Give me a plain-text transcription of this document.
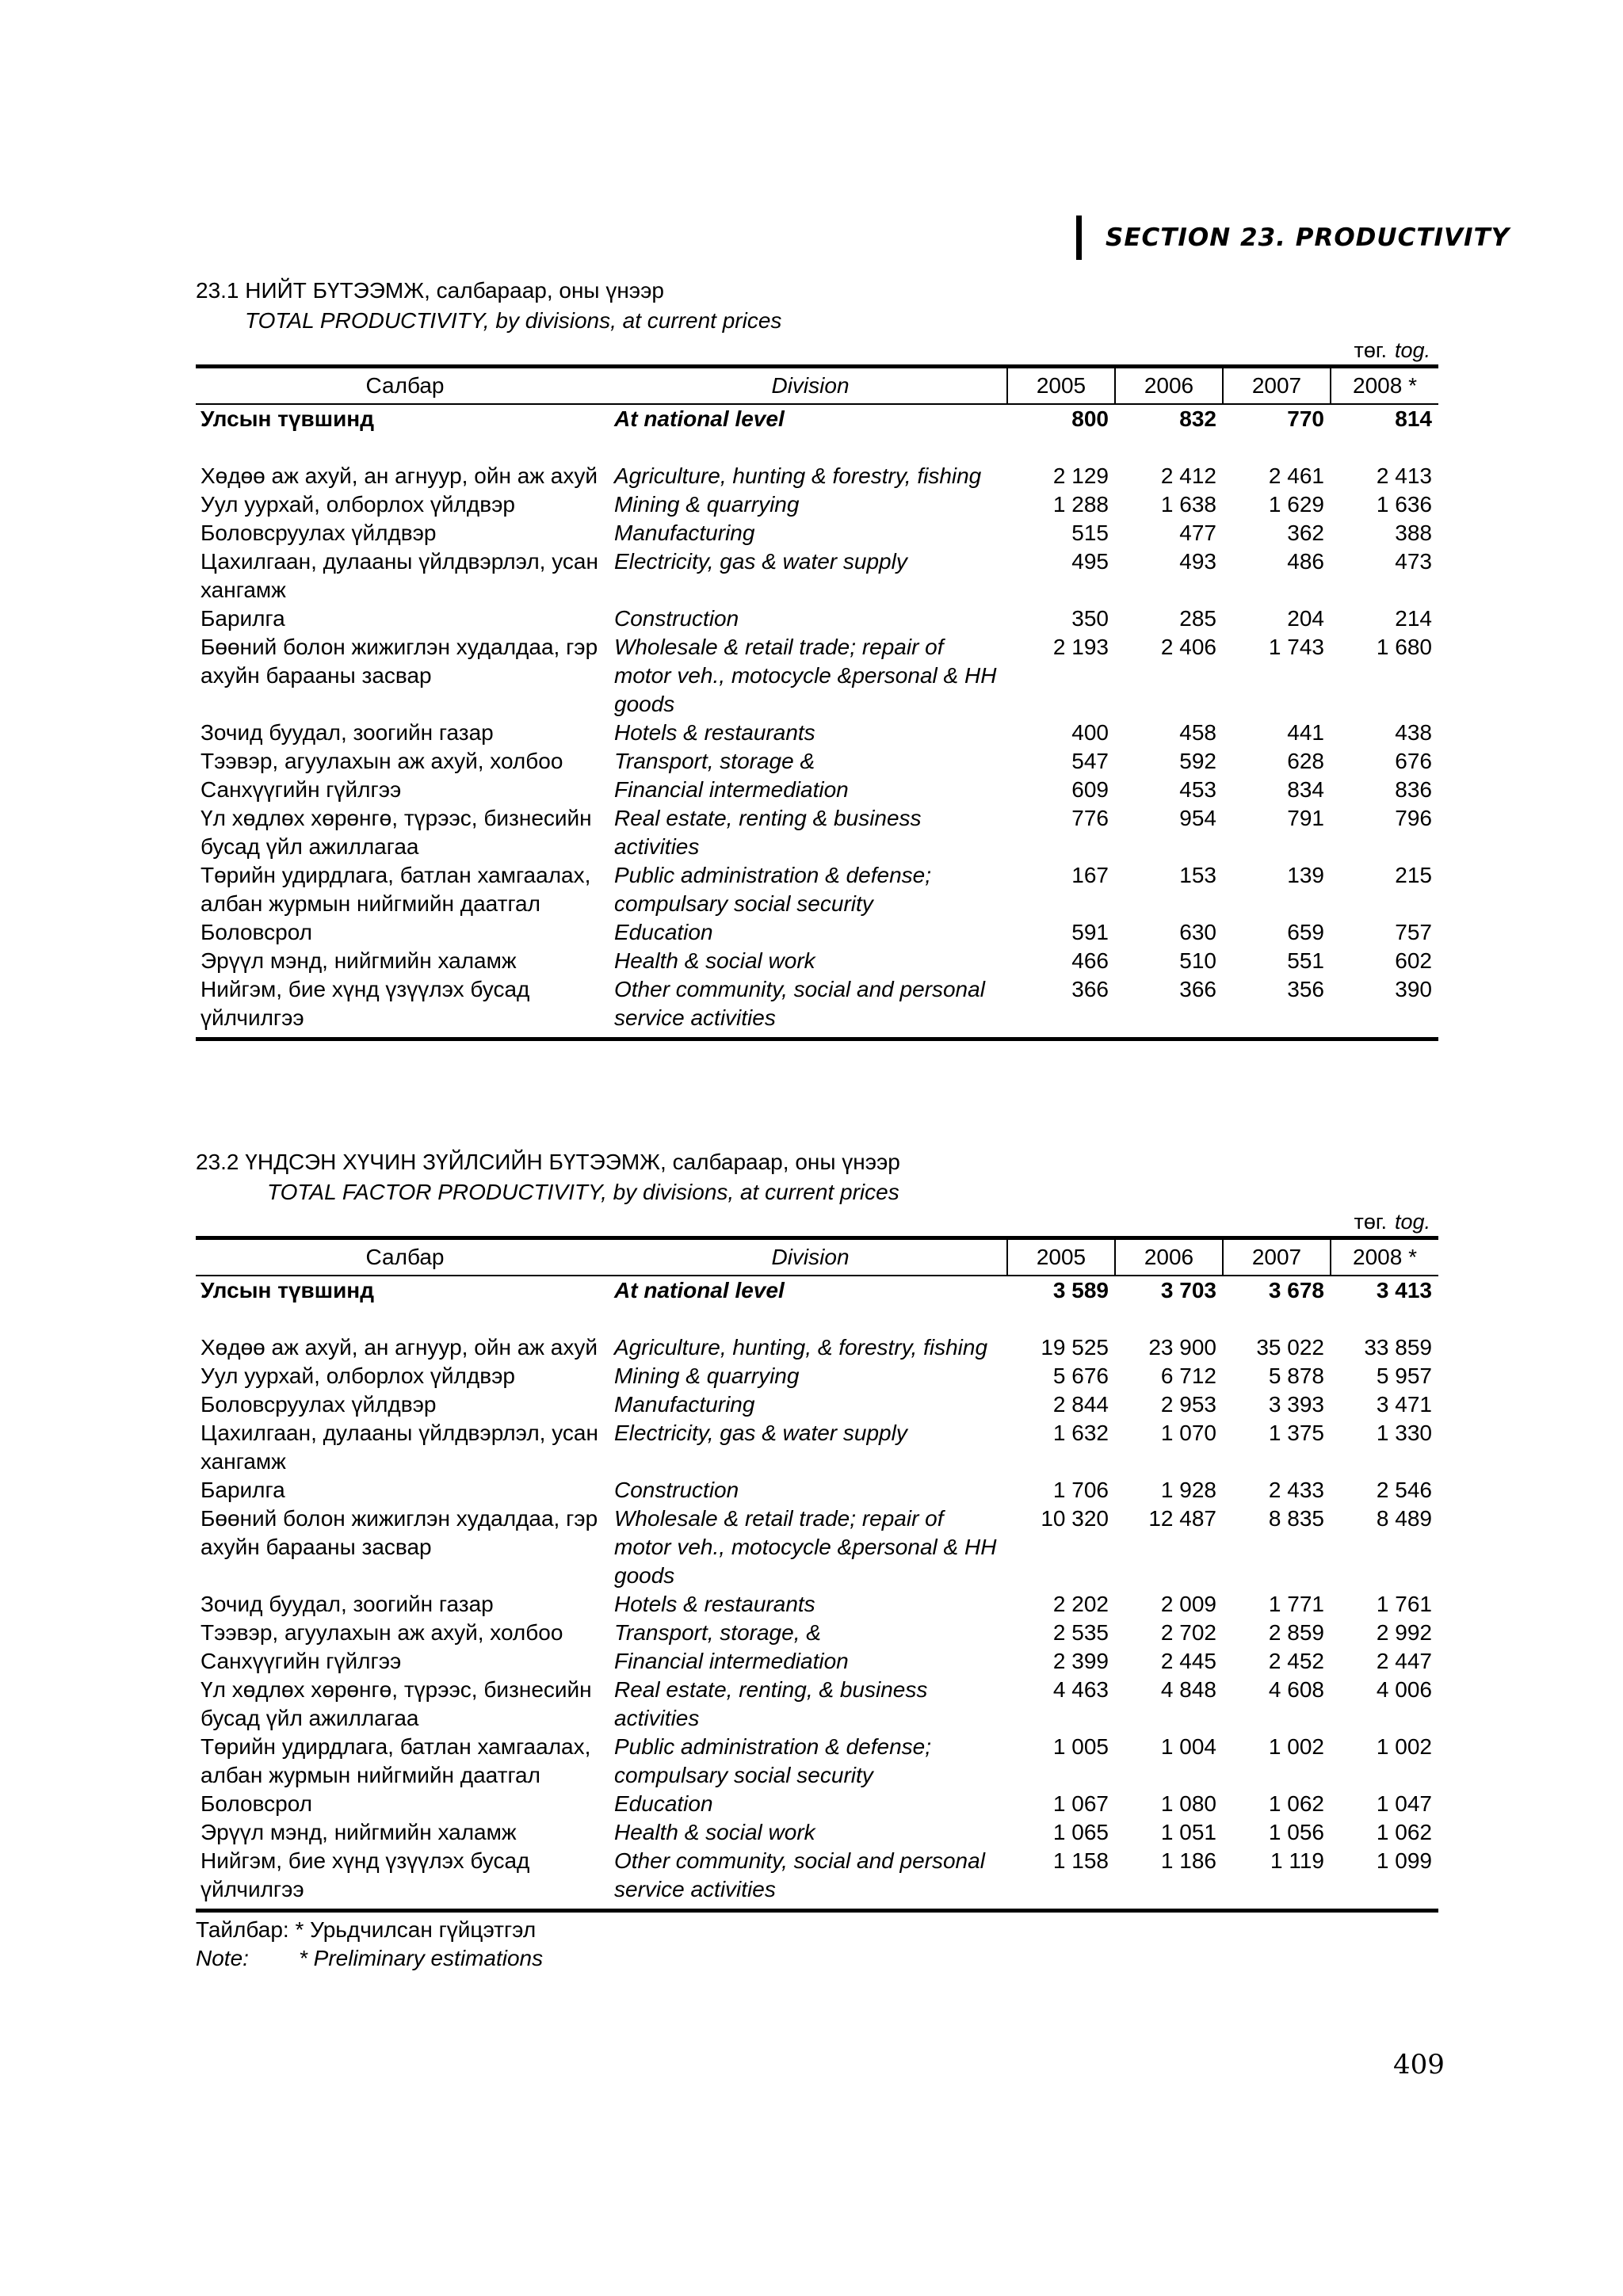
SECTION 23. PRODUCTIVITY
23.1 НИЙТ БҮТЭЭМЖ, салбараар, оны үнээр
TOTAL PRODUCTIVITY, by divisions, at current prices
төг. tog.
Салбар	Division	2005	2006	2007	2008 *
Улсын түвшинд	At national level	800	832	770	814

Хөдөө аж ахуй, ан агнуур, ойн аж ахуй	Agriculture, hunting & forestry, fishing	2 129	2 412	2 461	2 413
Уул уурхай, олборлох үйлдвэр	Mining & quarrying	1 288	1 638	1 629	1 636
Боловсруулах үйлдвэр	Manufacturing	515	477	362	388
Цахилгаан, дулааны үйлдвэрлэл, усан хангамж	Electricity, gas & water supply	495	493	486	473
Барилга	Construction	350	285	204	214
Бөөний болон жижиглэн худалдаа, гэр ахуйн барааны засвар	Wholesale & retail trade; repair of motor veh., motocycle &personal & HH goods	2 193	2 406	1 743	1 680
Зочид буудал, зоогийн газар	Hotels & restaurants	400	458	441	438
Тээвэр, агуулахын аж ахуй, холбоо	Transport, storage &	547	592	628	676
Санхүүгийн гүйлгээ	Financial intermediation	609	453	834	836
Үл хөдлөх хөрөнгө, түрээс, бизнесийн бусад үйл ажиллагаа	Real estate, renting & business activities	776	954	791	796
Төрийн удирдлага, батлан хамгаалах, албан журмын нийгмийн даатгал	Public administration & defense; compulsary social security	167	153	139	215
Боловсрол	Education	591	630	659	757
Эрүүл мэнд, нийгмийн халамж	Health & social work	466	510	551	602
Нийгэм, бие хүнд үзүүлэх бусад үйлчилгээ	Other community, social and personal service activities	366	366	356	390
23.2 ҮНДСЭН ХҮЧИН ЗҮЙЛСИЙН БҮТЭЭМЖ, салбараар, оны үнээр
TOTAL FACTOR PRODUCTIVITY, by divisions, at current prices
төг. tog.
Салбар	Division	2005	2006	2007	2008 *
Улсын түвшинд	At national level	3 589	3 703	3 678	3 413

Хөдөө аж ахуй, ан агнуур, ойн аж ахуй	Agriculture, hunting, & forestry, fishing	19 525	23 900	35 022	33 859
Уул уурхай, олборлох үйлдвэр	Mining & quarrying	5 676	6 712	5 878	5 957
Боловсруулах үйлдвэр	Manufacturing	2 844	2 953	3 393	3 471
Цахилгаан, дулааны үйлдвэрлэл, усан хангамж	Electricity, gas & water supply	1 632	1 070	1 375	1 330
Барилга	Construction	1 706	1 928	2 433	2 546
Бөөний болон жижиглэн худалдаа, гэр ахуйн барааны засвар	Wholesale & retail trade; repair of motor veh., motocycle &personal & HH goods	10 320	12 487	8 835	8 489
Зочид буудал, зоогийн газар	Hotels & restaurants	2 202	2 009	1 771	1 761
Тээвэр, агуулахын аж ахуй, холбоо	Transport, storage, &	2 535	2 702	2 859	2 992
Санхүүгийн гүйлгээ	Financial intermediation	2 399	2 445	2 452	2 447
Үл хөдлөх хөрөнгө, түрээс, бизнесийн бусад үйл ажиллагаа	Real estate, renting, & business activities	4 463	4 848	4 608	4 006
Төрийн удирдлага, батлан хамгаалах, албан журмын нийгмийн даатгал	Public administration & defense; compulsary social security	1 005	1 004	1 002	1 002
Боловсрол	Education	1 067	1 080	1 062	1 047
Эрүүл мэнд, нийгмийн халамж	Health & social work	1 065	1 051	1 056	1 062
Нийгэм, бие хүнд үзүүлэх бусад үйлчилгээ	Other community, social and personal service activities	1 158	1 186	1 119	1 099
Тайлбар: * Урьдчилсан гүйцэтгэл
Note: * Preliminary estimations
409
